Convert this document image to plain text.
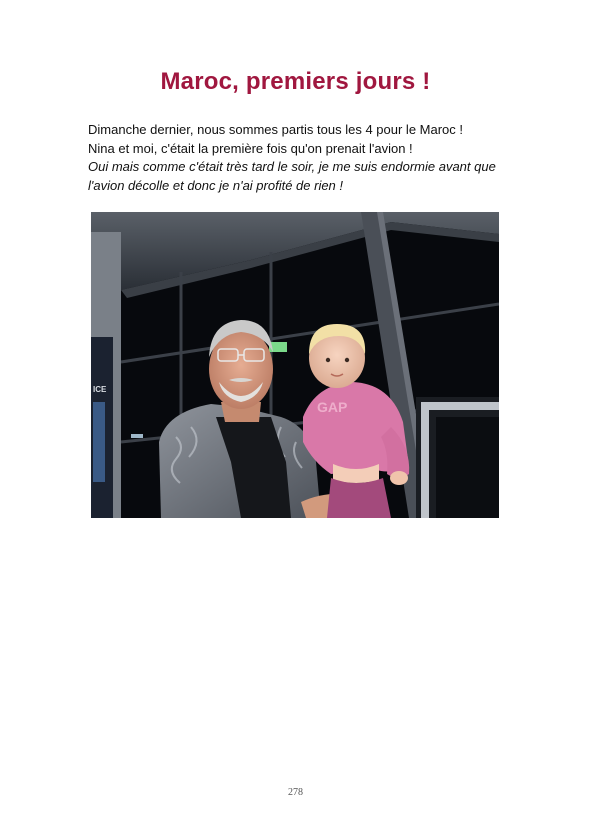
Maroc, premiers jours !

Dimanche dernier, nous sommes partis tous les 4 pour le Maroc !

Nina et moi, c'était la première fois qu'on prenait l'avion !

Oui mais comme c'était très tard le soir, je me suis endormie avant que l'avion décolle et donc je n'ai profité de rien !

ICE
GAP
278
